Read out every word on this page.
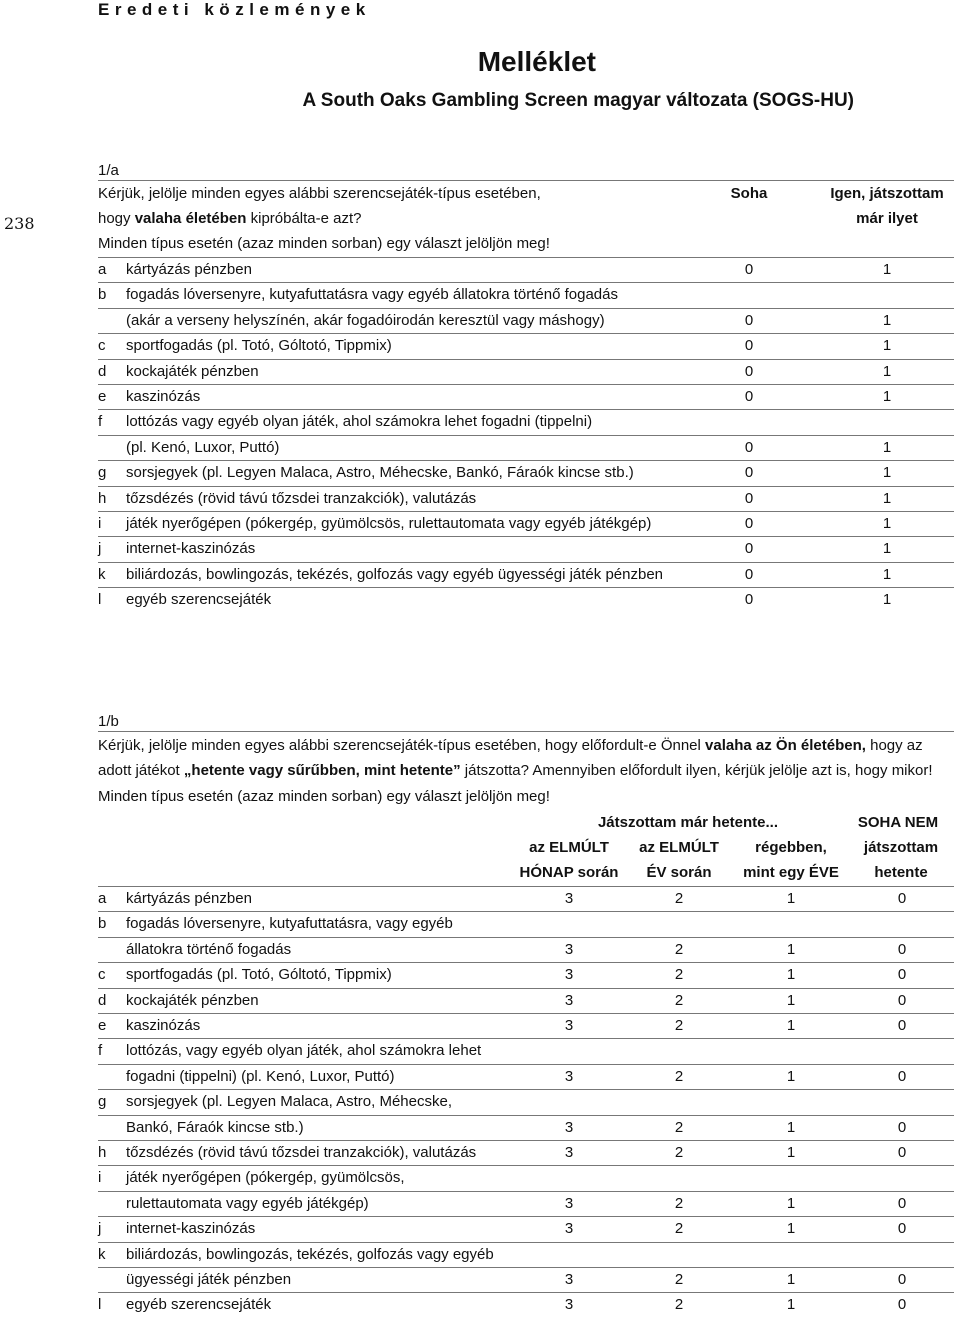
Eredeti közlemények
Melléklet
A South Oaks Gambling Screen magyar változata (SOGS-HU)
238
1/a
Kérjük, jelölje minden egyes alábbi szerencsejáték-típus esetében,
hogy valaha életében kipróbálta-e azt?
Minden típus esetén (azaz minden sorban) egy választ jelöljön meg!
Soha	Igen, játszottam
már ilyet
a kártyázás pénzben	0	1
b fogadás lóversenyre, kutyafuttatásra vagy egyéb állatokra történő fogadás
(akár a verseny helyszínén, akár fogadóirodán keresztül vagy máshogy)	0	1
c sportfogadás (pl. Totó, Góltotó, Tippmix)	0	1
d kockajáték pénzben	0	1
e kaszinózás	0	1
f lottózás vagy egyéb olyan játék, ahol számokra lehet fogadni (tippelni)
(pl. Kenó, Luxor, Puttó)	0	1
g sorsjegyek (pl. Legyen Malaca, Astro, Méhecske, Bankó, Fáraók kincse stb.)	0	1
h tőzsdézés (rövid távú tőzsdei tranzakciók), valutázás	0	1
i játék nyerőgépen (pókergép, gyümölcsös, rulettautomata vagy egyéb játékgép)	0	1
j internet-kaszinózás	0	1
k biliárdozás, bowlingozás, tekézés, golfozás vagy egyéb ügyességi játék pénzben	0	1
l egyéb szerencsejáték	0	1
1/b
Kérjük, jelölje minden egyes alábbi szerencsejáték-típus esetében, hogy előfordult-e Önnel valaha az Ön életében, hogy az
adott játékot „hetente vagy sűrűbben, mint hetente” játszotta? Amennyiben előfordult ilyen, kérjük jelölje azt is, hogy mikor!
Minden típus esetén (azaz minden sorban) egy választ jelöljön meg!
Játszottam már hetente...	SOHA NEM
az ELMÚLT	az ELMÚLT	régebben,	játszottam
HÓNAP során	ÉV során	mint egy ÉVE	hetente
a kártyázás pénzben	3	2	1	0
b fogadás lóversenyre, kutyafuttatásra, vagy egyéb
állatokra történő fogadás	3	2	1	0
c sportfogadás (pl. Totó, Góltotó, Tippmix)	3	2	1	0
d kockajáték pénzben	3	2	1	0
e kaszinózás	3	2	1	0
f lottózás, vagy egyéb olyan játék, ahol számokra lehet
fogadni (tippelni) (pl. Kenó, Luxor, Puttó)	3	2	1	0
g sorsjegyek (pl. Legyen Malaca, Astro, Méhecske,
Bankó, Fáraók kincse stb.)	3	2	1	0
h tőzsdézés (rövid távú tőzsdei tranzakciók), valutázás	3	2	1	0
i játék nyerőgépen (pókergép, gyümölcsös,
rulettautomata vagy egyéb játékgép)	3	2	1	0
j internet-kaszinózás	3	2	1	0
k biliárdozás, bowlingozás, tekézés, golfozás vagy egyéb
ügyességi játék pénzben	3	2	1	0
l egyéb szerencsejáték	3	2	1	0
